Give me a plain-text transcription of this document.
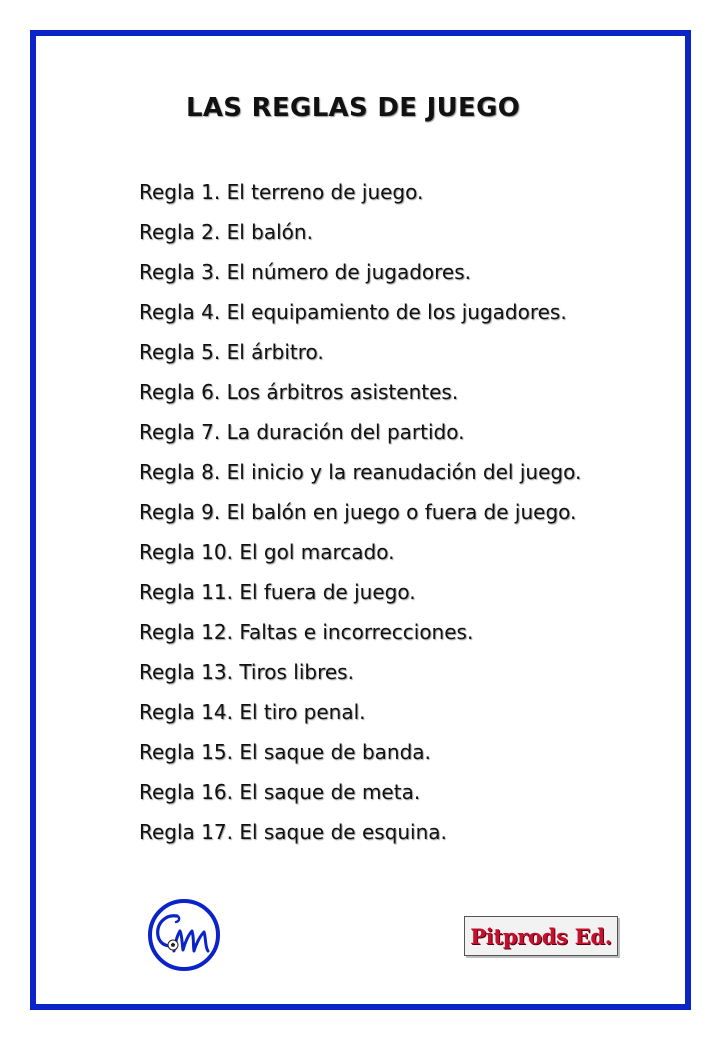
LAS REGLAS DE JUEGO
Regla 1. El terreno de juego.
Regla 2. El balón.
Regla 3. El número de jugadores.
Regla 4. El equipamiento de los jugadores.
Regla 5. El árbitro.
Regla 6. Los árbitros asistentes.
Regla 7. La duración del partido.
Regla 8. El inicio y la reanudación del juego.
Regla 9. El balón en juego o fuera de juego.
Regla 10. El gol marcado.
Regla 11. El fuera de juego.
Regla 12. Faltas e incorrecciones.
Regla 13. Tiros libres.
Regla 14. El tiro penal.
Regla 15. El saque de banda.
Regla 16. El saque de meta.
Regla 17. El saque de esquina.
Pitprods Ed.
